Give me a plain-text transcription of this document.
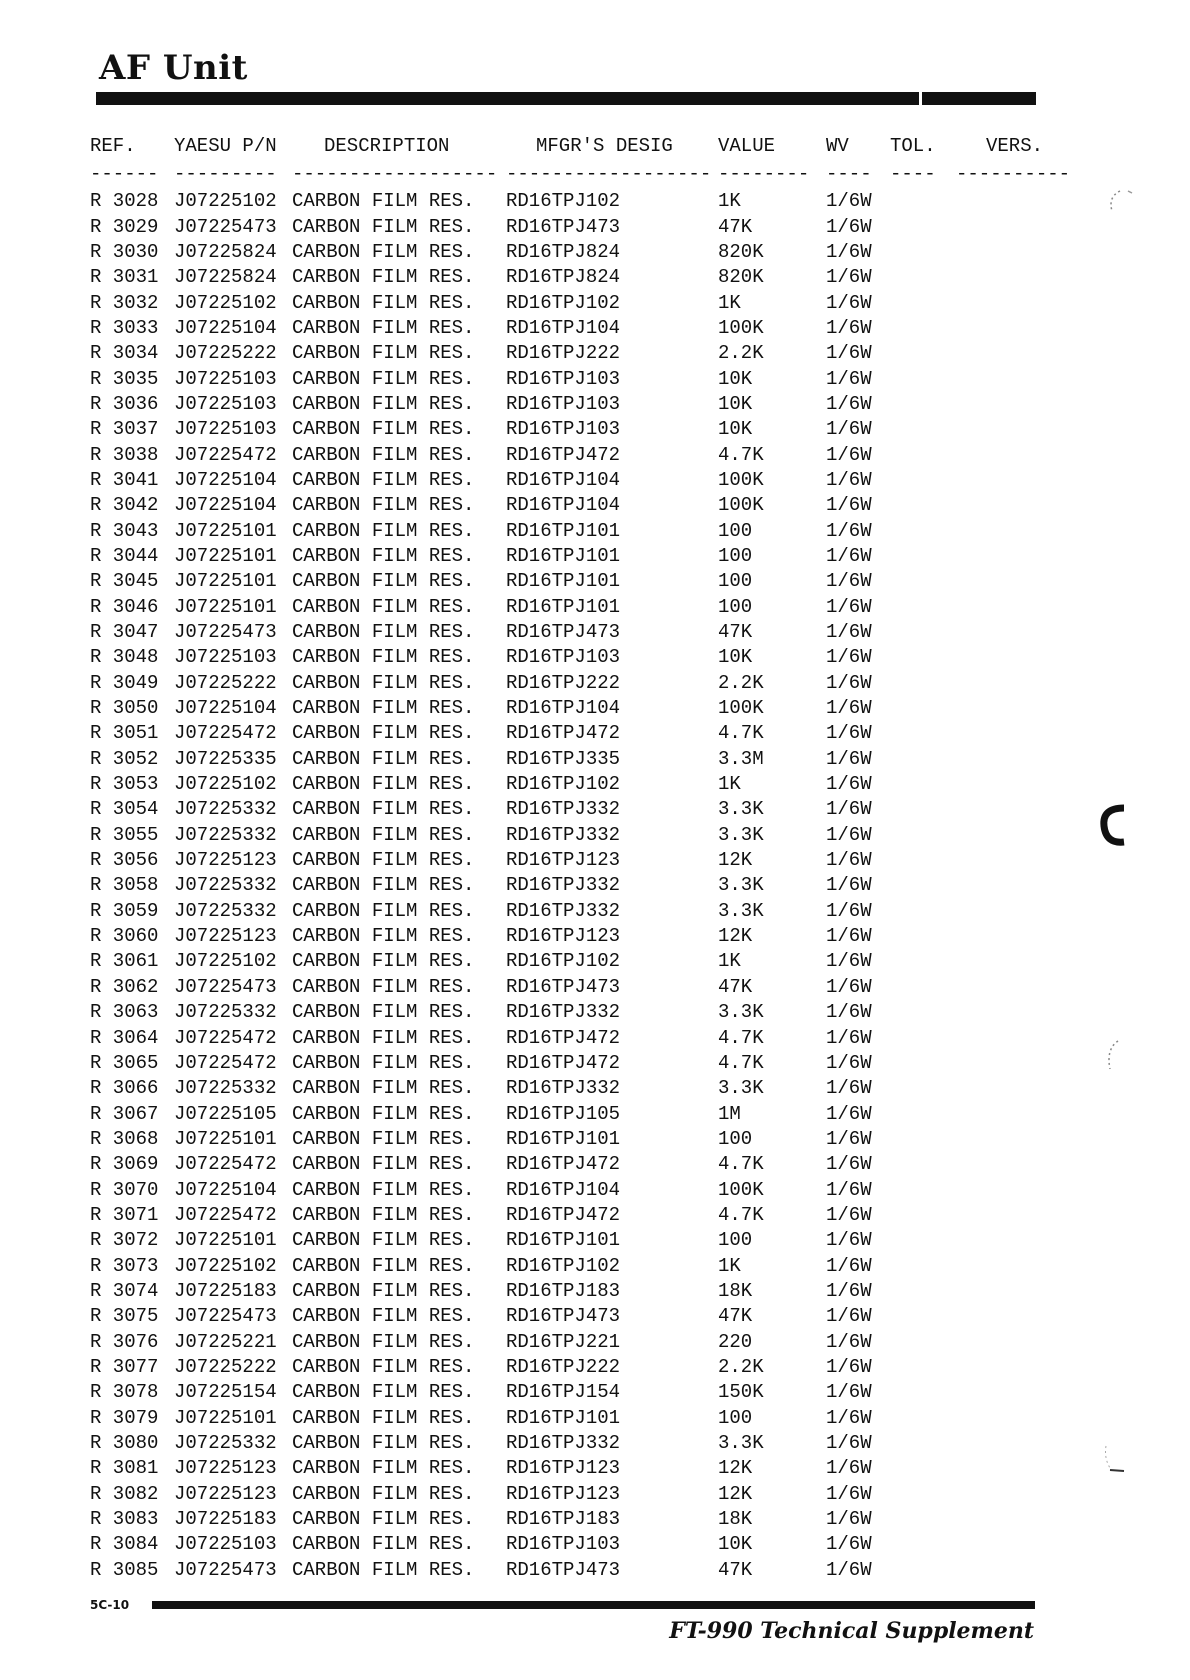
AF Unit
REF.	YAESU P/N	DESCRIPTION	MFGR'S DESIG	VALUE	WV	TOL.	VERS.
------	---------	------------------	------------------	--------	----	----	----------
R 3028	J07225102	CARBON FILM RES.	RD16TPJ102	1K	1/6W		
R 3029	J07225473	CARBON FILM RES.	RD16TPJ473	47K	1/6W		
R 3030	J07225824	CARBON FILM RES.	RD16TPJ824	820K	1/6W		
R 3031	J07225824	CARBON FILM RES.	RD16TPJ824	820K	1/6W		
R 3032	J07225102	CARBON FILM RES.	RD16TPJ102	1K	1/6W		
R 3033	J07225104	CARBON FILM RES.	RD16TPJ104	100K	1/6W		
R 3034	J07225222	CARBON FILM RES.	RD16TPJ222	2.2K	1/6W		
R 3035	J07225103	CARBON FILM RES.	RD16TPJ103	10K	1/6W		
R 3036	J07225103	CARBON FILM RES.	RD16TPJ103	10K	1/6W		
R 3037	J07225103	CARBON FILM RES.	RD16TPJ103	10K	1/6W		
R 3038	J07225472	CARBON FILM RES.	RD16TPJ472	4.7K	1/6W		
R 3041	J07225104	CARBON FILM RES.	RD16TPJ104	100K	1/6W		
R 3042	J07225104	CARBON FILM RES.	RD16TPJ104	100K	1/6W		
R 3043	J07225101	CARBON FILM RES.	RD16TPJ101	100	1/6W		
R 3044	J07225101	CARBON FILM RES.	RD16TPJ101	100	1/6W		
R 3045	J07225101	CARBON FILM RES.	RD16TPJ101	100	1/6W		
R 3046	J07225101	CARBON FILM RES.	RD16TPJ101	100	1/6W		
R 3047	J07225473	CARBON FILM RES.	RD16TPJ473	47K	1/6W		
R 3048	J07225103	CARBON FILM RES.	RD16TPJ103	10K	1/6W		
R 3049	J07225222	CARBON FILM RES.	RD16TPJ222	2.2K	1/6W		
R 3050	J07225104	CARBON FILM RES.	RD16TPJ104	100K	1/6W		
R 3051	J07225472	CARBON FILM RES.	RD16TPJ472	4.7K	1/6W		
R 3052	J07225335	CARBON FILM RES.	RD16TPJ335	3.3M	1/6W		
R 3053	J07225102	CARBON FILM RES.	RD16TPJ102	1K	1/6W		
R 3054	J07225332	CARBON FILM RES.	RD16TPJ332	3.3K	1/6W		
R 3055	J07225332	CARBON FILM RES.	RD16TPJ332	3.3K	1/6W		
R 3056	J07225123	CARBON FILM RES.	RD16TPJ123	12K	1/6W		
R 3058	J07225332	CARBON FILM RES.	RD16TPJ332	3.3K	1/6W		
R 3059	J07225332	CARBON FILM RES.	RD16TPJ332	3.3K	1/6W		
R 3060	J07225123	CARBON FILM RES.	RD16TPJ123	12K	1/6W		
R 3061	J07225102	CARBON FILM RES.	RD16TPJ102	1K	1/6W		
R 3062	J07225473	CARBON FILM RES.	RD16TPJ473	47K	1/6W		
R 3063	J07225332	CARBON FILM RES.	RD16TPJ332	3.3K	1/6W		
R 3064	J07225472	CARBON FILM RES.	RD16TPJ472	4.7K	1/6W		
R 3065	J07225472	CARBON FILM RES.	RD16TPJ472	4.7K	1/6W		
R 3066	J07225332	CARBON FILM RES.	RD16TPJ332	3.3K	1/6W		
R 3067	J07225105	CARBON FILM RES.	RD16TPJ105	1M	1/6W		
R 3068	J07225101	CARBON FILM RES.	RD16TPJ101	100	1/6W		
R 3069	J07225472	CARBON FILM RES.	RD16TPJ472	4.7K	1/6W		
R 3070	J07225104	CARBON FILM RES.	RD16TPJ104	100K	1/6W		
R 3071	J07225472	CARBON FILM RES.	RD16TPJ472	4.7K	1/6W		
R 3072	J07225101	CARBON FILM RES.	RD16TPJ101	100	1/6W		
R 3073	J07225102	CARBON FILM RES.	RD16TPJ102	1K	1/6W		
R 3074	J07225183	CARBON FILM RES.	RD16TPJ183	18K	1/6W		
R 3075	J07225473	CARBON FILM RES.	RD16TPJ473	47K	1/6W		
R 3076	J07225221	CARBON FILM RES.	RD16TPJ221	220	1/6W		
R 3077	J07225222	CARBON FILM RES.	RD16TPJ222	2.2K	1/6W		
R 3078	J07225154	CARBON FILM RES.	RD16TPJ154	150K	1/6W		
R 3079	J07225101	CARBON FILM RES.	RD16TPJ101	100	1/6W		
R 3080	J07225332	CARBON FILM RES.	RD16TPJ332	3.3K	1/6W		
R 3081	J07225123	CARBON FILM RES.	RD16TPJ123	12K	1/6W		
R 3082	J07225123	CARBON FILM RES.	RD16TPJ123	12K	1/6W		
R 3083	J07225183	CARBON FILM RES.	RD16TPJ183	18K	1/6W		
R 3084	J07225103	CARBON FILM RES.	RD16TPJ103	10K	1/6W		
R 3085	J07225473	CARBON FILM RES.	RD16TPJ473	47K	1/6W		
5C-10
FT-990 Technical Supplement
